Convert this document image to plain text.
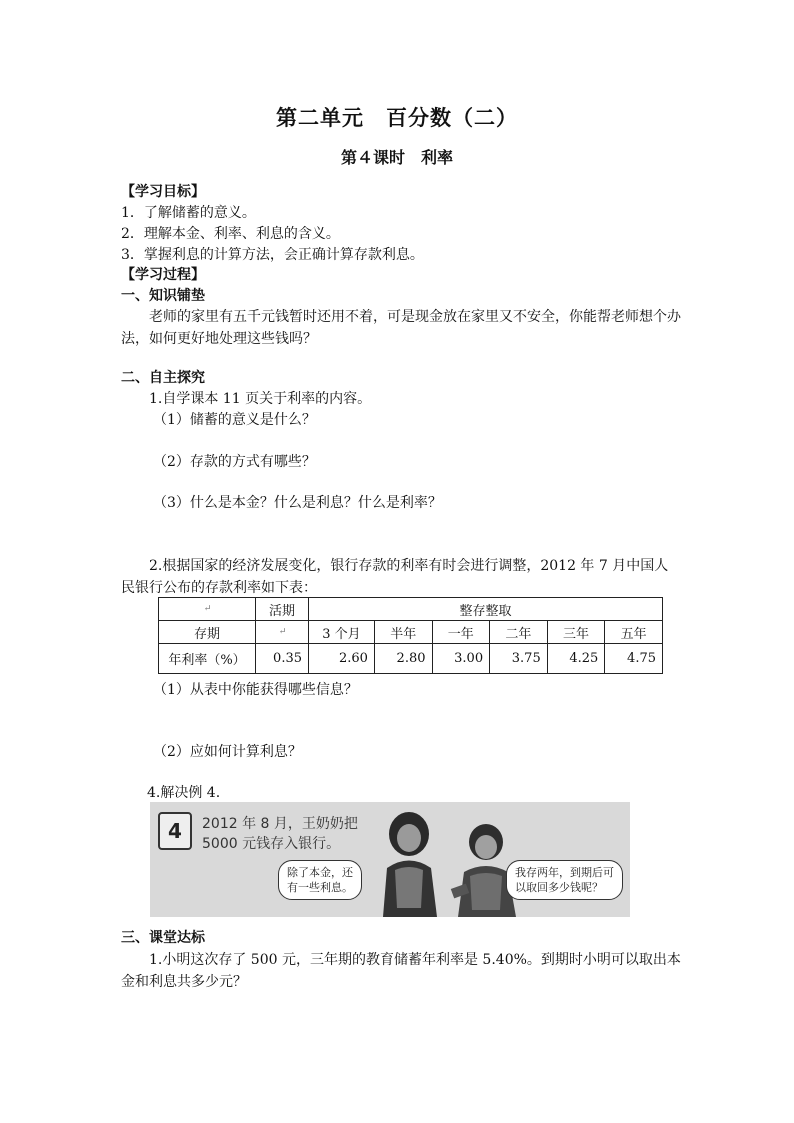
第二单元　百分数（二）
第４课时　利率
【学习目标】
1．了解储蓄的意义。
2．理解本金、利率、利息的含义。
3．掌握利息的计算方法，会正确计算存款利息。
【学习过程】
一、知识铺垫
老师的家里有五千元钱暂时还用不着，可是现金放在家里又不安全，你能帮老师想个办法，如何更好地处理这些钱吗？
二、自主探究
1.自学课本 11 页关于利率的内容。
（1）储蓄的意义是什么？
（2）存款的方式有哪些？
（3）什么是本金？什么是利息？什么是利率？
2.根据国家的经济发展变化，银行存款的利率有时会进行调整，2012 年 7 月中国人民银行公布的存款利率如下表：
↵	活期	整存整取					
存期	↵	3 个月	半年	一年	二年	三年	五年
年利率（%）	0.35	2.60	2.80	3.00	3.75	4.25	4.75
（1）从表中你能获得哪些信息？
（2）应如何计算利息？
4.解决例 4.
4	2012 年 8 月，王奶奶把
5000 元钱存入银行。
除了本金，还
有一些利息。
我存两年，到期后可
以取回多少钱呢？
三、课堂达标
1.小明这次存了 500 元，三年期的教育储蓄年利率是 5.40%。到期时小明可以取出本金和利息共多少元？
